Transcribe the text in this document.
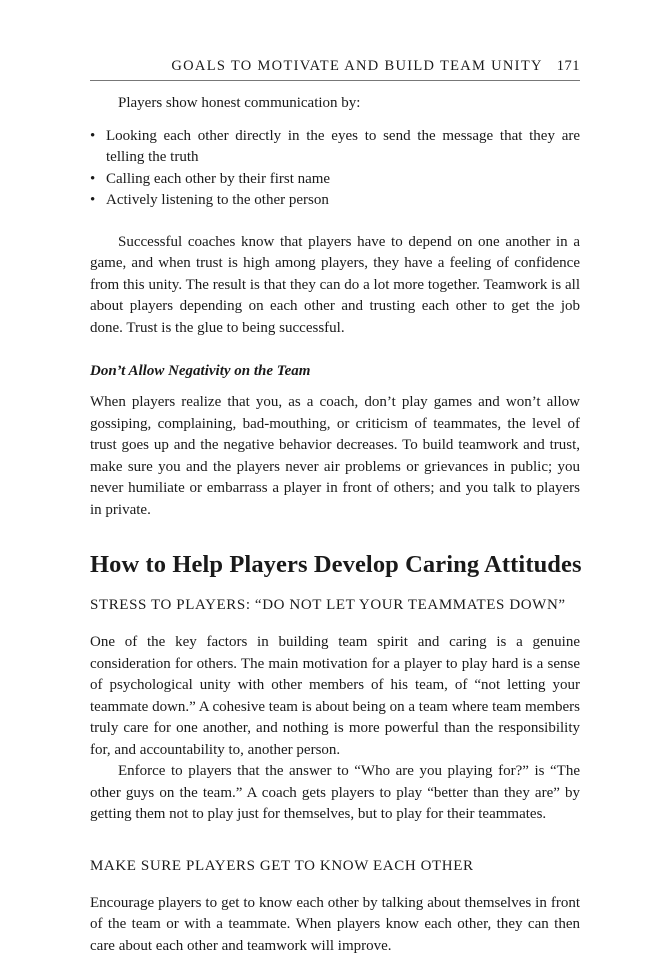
GOALS TO MOTIVATE AND BUILD TEAM UNITY 171

Players show honest communication by:

• Looking each other directly in the eyes to send the message that they are telling the truth
• Calling each other by their first name
• Actively listening to the other person

Successful coaches know that players have to depend on one another in a game, and when trust is high among players, they have a feeling of confidence from this unity. The result is that they can do a lot more together. Teamwork is all about players depending on each other and trusting each other to get the job done. Trust is the glue to being successful.

Don’t Allow Negativity on the Team

When players realize that you, as a coach, don’t play games and won’t allow gossiping, complaining, bad-mouthing, or criticism of teammates, the level of trust goes up and the negative behavior decreases. To build teamwork and trust, make sure you and the players never air problems or grievances in public; you never humiliate or embarrass a player in front of others; and you talk to players in private.

How to Help Players Develop Caring Attitudes
STRESS TO PLAYERS: “DO NOT LET YOUR TEAMMATES DOWN”

One of the key factors in building team spirit and caring is a genuine consideration for others. The main motivation for a player to play hard is a sense of psychological unity with other members of his team, of “not letting your teammate down.” A cohesive team is about being on a team where team members truly care for one another, and nothing is more powerful than the responsibility for, and accountability to, another person.

Enforce to players that the answer to “Who are you playing for?” is “The other guys on the team.” A coach gets players to play “better than they are” by getting them not to play just for themselves, but to play for their teammates.

MAKE SURE PLAYERS GET TO KNOW EACH OTHER

Encourage players to get to know each other by talking about themselves in front of the team or with a teammate. When players know each other, they can then care about each other and teamwork will improve.
